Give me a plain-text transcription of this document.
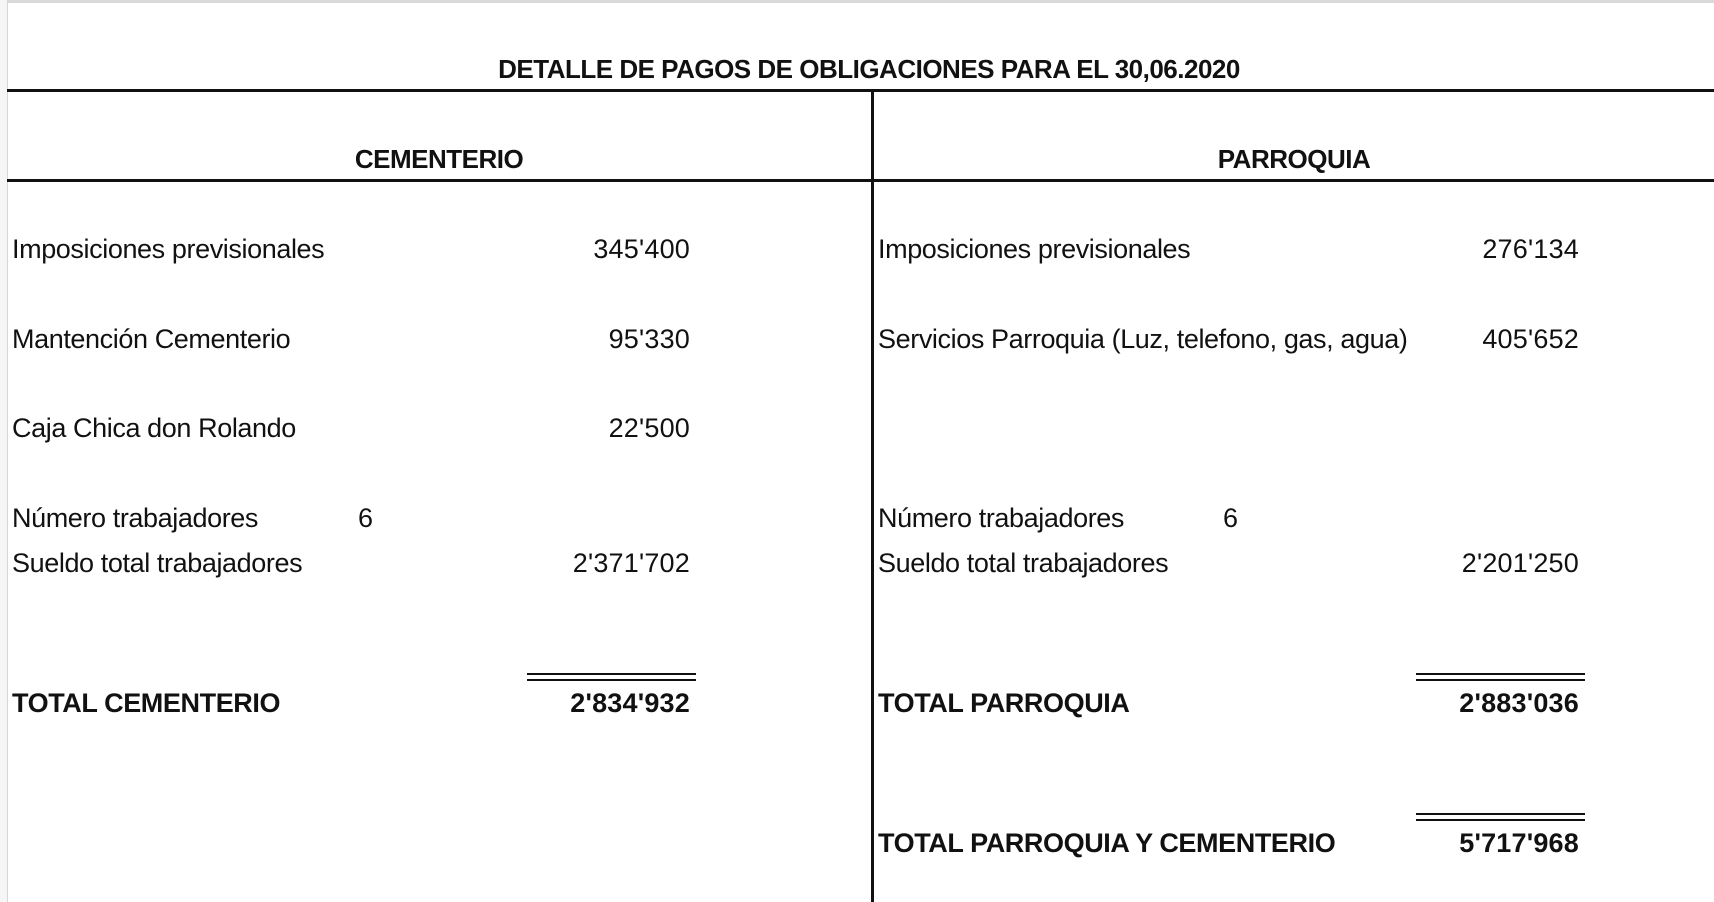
DETALLE DE PAGOS DE OBLIGACIONES PARA EL 30,06.2020
CEMENTERIO	PARROQUIA
Imposiciones previsionales	345'400
Mantención Cementerio	95'330
Caja Chica don Rolando	22'500
Número trabajadores	6
Sueldo total trabajadores	2'371'702
TOTAL CEMENTERIO	2'834'932
Imposiciones previsionales	276'134
Servicios Parroquia (Luz, telefono, gas, agua)	405'652
Número trabajadores	6
Sueldo total trabajadores	2'201'250
TOTAL PARROQUIA	2'883'036
TOTAL PARROQUIA Y CEMENTERIO	5'717'968
